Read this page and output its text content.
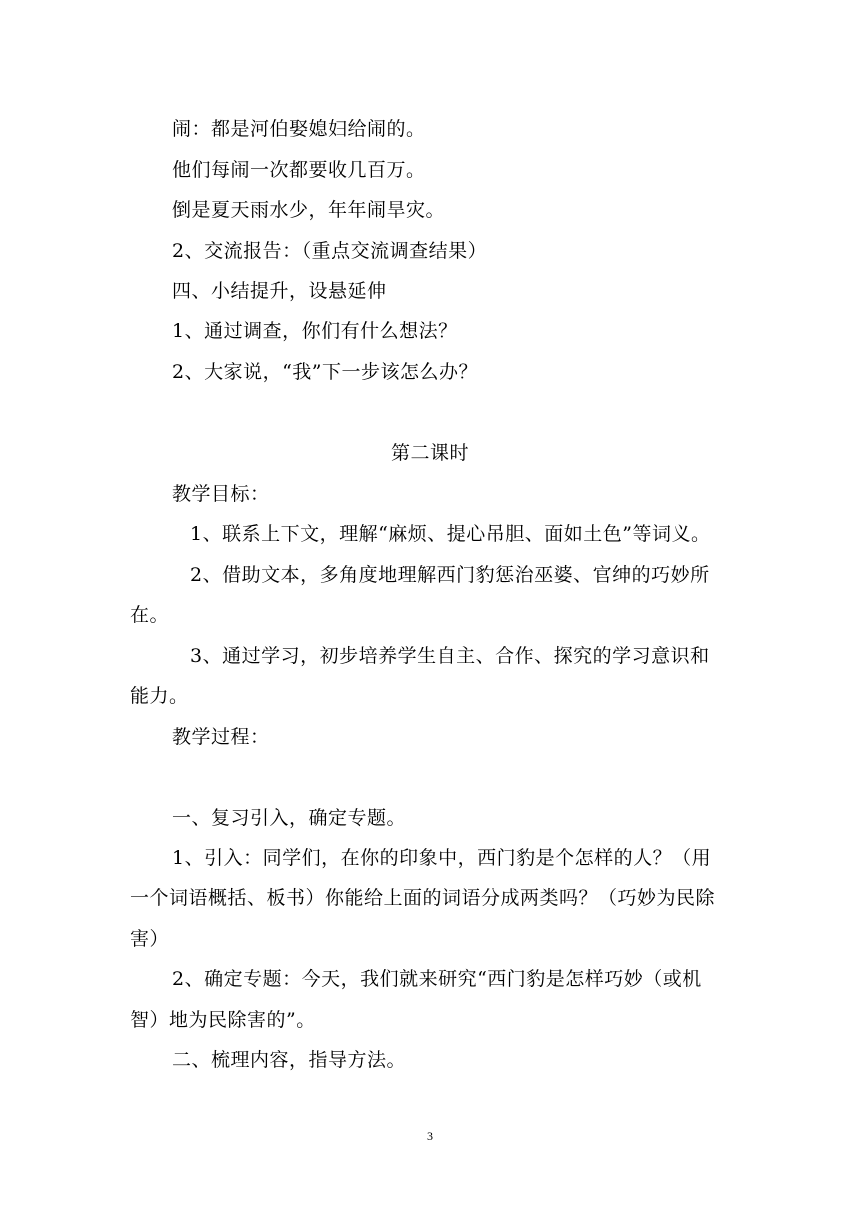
闹：都是河伯娶媳妇给闹的。
他们每闹一次都要收几百万。
倒是夏天雨水少，年年闹旱灾。
2、交流报告：（重点交流调查结果）
四、小结提升，设悬延伸
1、通过调查，你们有什么想法？
2、大家说，“我”下一步该怎么办？
第二课时
教学目标：
1、联系上下文，理解“麻烦、提心吊胆、面如土色”等词义。
2、借助文本，多角度地理解西门豹惩治巫婆、官绅的巧妙所
在。
3、通过学习，初步培养学生自主、合作、探究的学习意识和
能力。
教学过程：
一、复习引入，确定专题。
1、引入：同学们，在你的印象中，西门豹是个怎样的人？（用
一个词语概括、板书）你能给上面的词语分成两类吗？（巧妙为民除
害）
2、确定专题：今天，我们就来研究“西门豹是怎样巧妙（或机
智）地为民除害的”。
二、梳理内容，指导方法。
3
